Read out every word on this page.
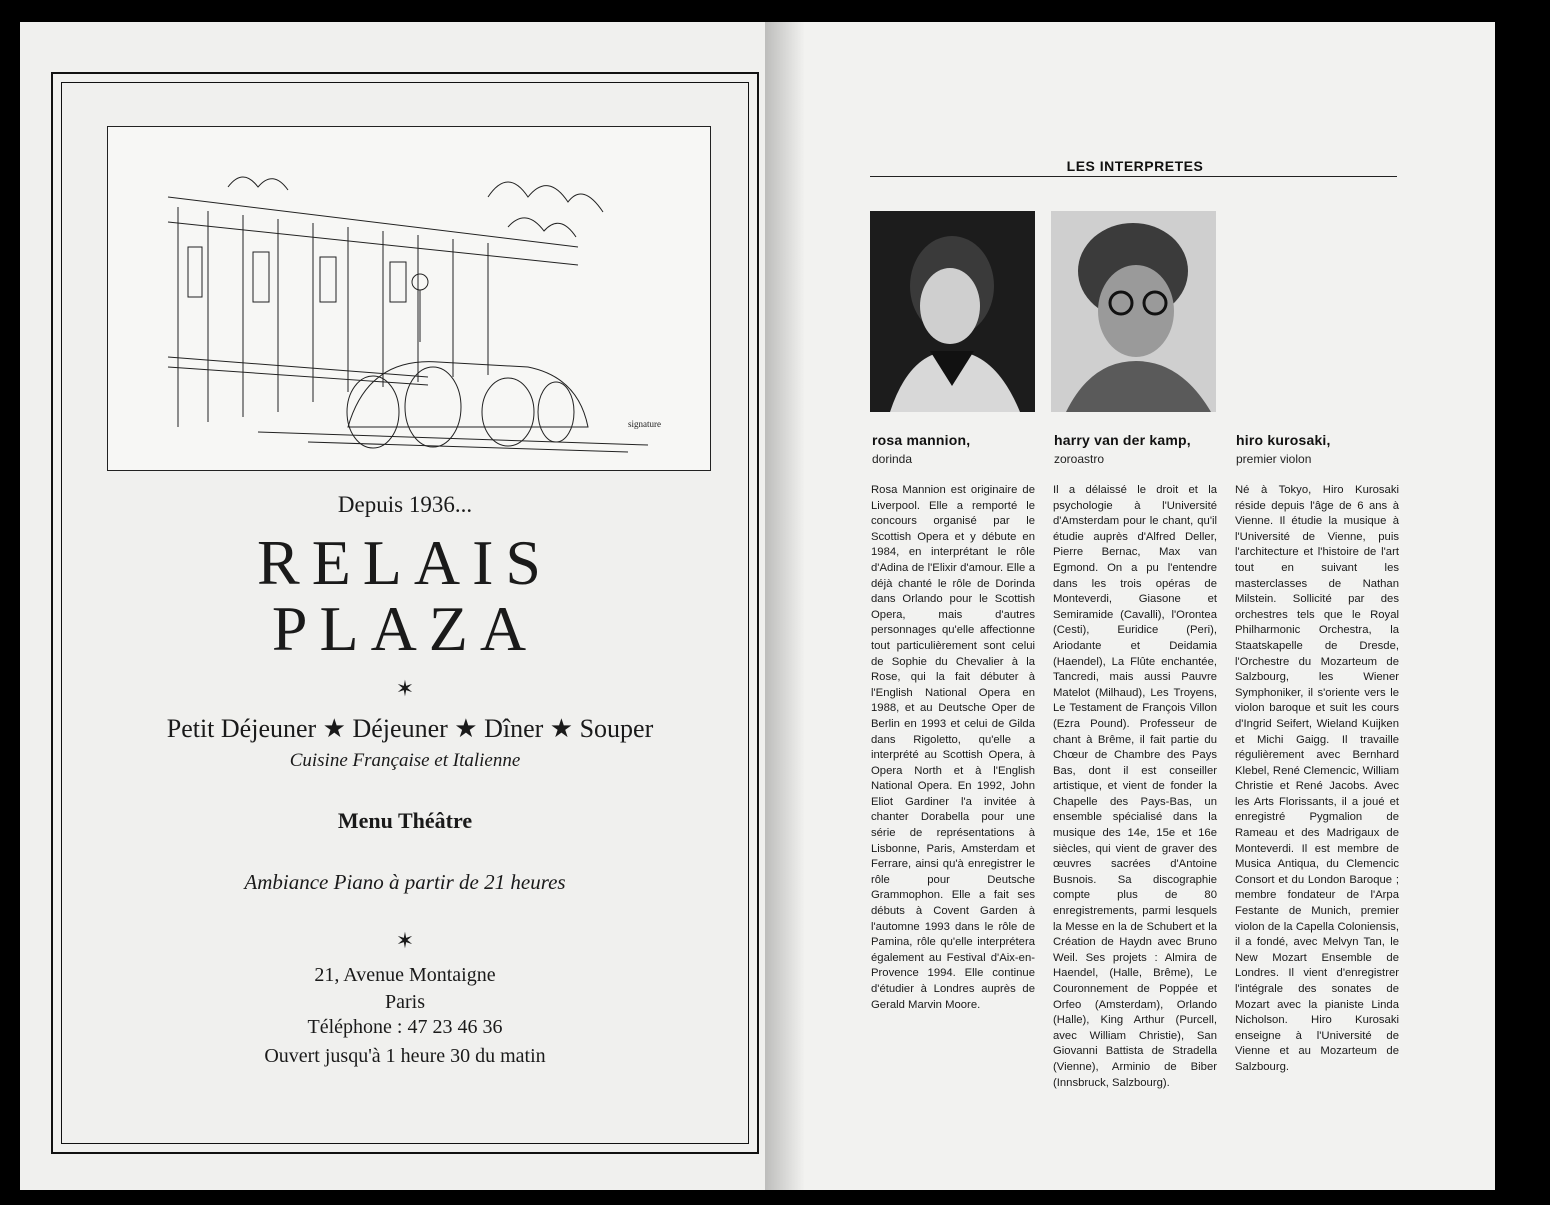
signature
Depuis 1936...
RELAIS
PLAZA
✶
Petit Déjeuner ★ Déjeuner ★ Dîner ★ Souper
Cuisine Française et Italienne
Menu Théâtre
Ambiance Piano à partir de 21 heures
✶
21, Avenue Montaigne
Paris
Téléphone : 47 23 46 36
Ouvert jusqu'à 1 heure 30 du matin
LES INTERPRETES
rosa mannion,
dorinda
harry van der kamp,
zoroastro
hiro kurosaki,
premier violon
Rosa Mannion est originaire de Liverpool. Elle a remporté le concours organisé par le Scottish Opera et y débute en 1984, en interprétant le rôle d'Adina de l'Elixir d'amour. Elle a déjà chanté le rôle de Dorinda dans Orlando pour le Scottish Opera, mais d'autres personnages qu'elle affectionne tout particulièrement sont celui de Sophie du Chevalier à la Rose, qui la fait débuter à l'English National Opera en 1988, et au Deutsche Oper de Berlin en 1993 et celui de Gilda dans Rigoletto, qu'elle a interprété au Scottish Opera, à Opera North et à l'English National Opera. En 1992, John Eliot Gardiner l'a invitée à chanter Dorabella pour une série de représentations à Lisbonne, Paris, Amsterdam et Ferrare, ainsi qu'à enregistrer le rôle pour Deutsche Grammophon. Elle a fait ses débuts à Covent Garden à l'automne 1993 dans le rôle de Pamina, rôle qu'elle interprétera également au Festival d'Aix-en-Provence 1994. Elle continue d'étudier à Londres auprès de Gerald Marvin Moore.
Il a délaissé le droit et la psychologie à l'Université d'Amsterdam pour le chant, qu'il étudie auprès d'Alfred Deller, Pierre Bernac, Max van Egmond. On a pu l'entendre dans les trois opéras de Monteverdi, Giasone et Semiramide (Cavalli), l'Orontea (Cesti), Euridice (Peri), Ariodante et Deidamia (Haendel), La Flûte enchantée, Tancredi, mais aussi Pauvre Matelot (Milhaud), Les Troyens, Le Testament de François Villon (Ezra Pound). Professeur de chant à Brême, il fait partie du Chœur de Chambre des Pays Bas, dont il est conseiller artistique, et vient de fonder la Chapelle des Pays-Bas, un ensemble spécialisé dans la musique des 14e, 15e et 16e siècles, qui vient de graver des œuvres sacrées d'Antoine Busnois. Sa discographie compte plus de 80 enregistrements, parmi lesquels la Messe en la de Schubert et la Création de Haydn avec Bruno Weil. Ses projets : Almira de Haendel, (Halle, Brême), Le Couronnement de Poppée et Orfeo (Amsterdam), Orlando (Halle), King Arthur (Purcell, avec William Christie), San Giovanni Battista de Stradella (Vienne), Arminio de Biber (Innsbruck, Salzbourg).
Né à Tokyo, Hiro Kurosaki réside depuis l'âge de 6 ans à Vienne. Il étudie la musique à l'Université de Vienne, puis l'architecture et l'histoire de l'art tout en suivant les masterclasses de Nathan Milstein. Sollicité par des orchestres tels que le Royal Philharmonic Orchestra, la Staatskapelle de Dresde, l'Orchestre du Mozarteum de Salzbourg, les Wiener Symphoniker, il s'oriente vers le violon baroque et suit les cours d'Ingrid Seifert, Wieland Kuijken et Michi Gaigg. Il travaille régulièrement avec Bernhard Klebel, René Clemencic, William Christie et René Jacobs. Avec les Arts Florissants, il a joué et enregistré Pygmalion de Rameau et des Madrigaux de Monteverdi. Il est membre de Musica Antiqua, du Clemencic Consort et du London Baroque ; membre fondateur de l'Arpa Festante de Munich, premier violon de la Capella Coloniensis, il a fondé, avec Melvyn Tan, le New Mozart Ensemble de Londres. Il vient d'enregistrer l'intégrale des sonates de Mozart avec la pianiste Linda Nicholson. Hiro Kurosaki enseigne à l'Université de Vienne et au Mozarteum de Salzbourg.
